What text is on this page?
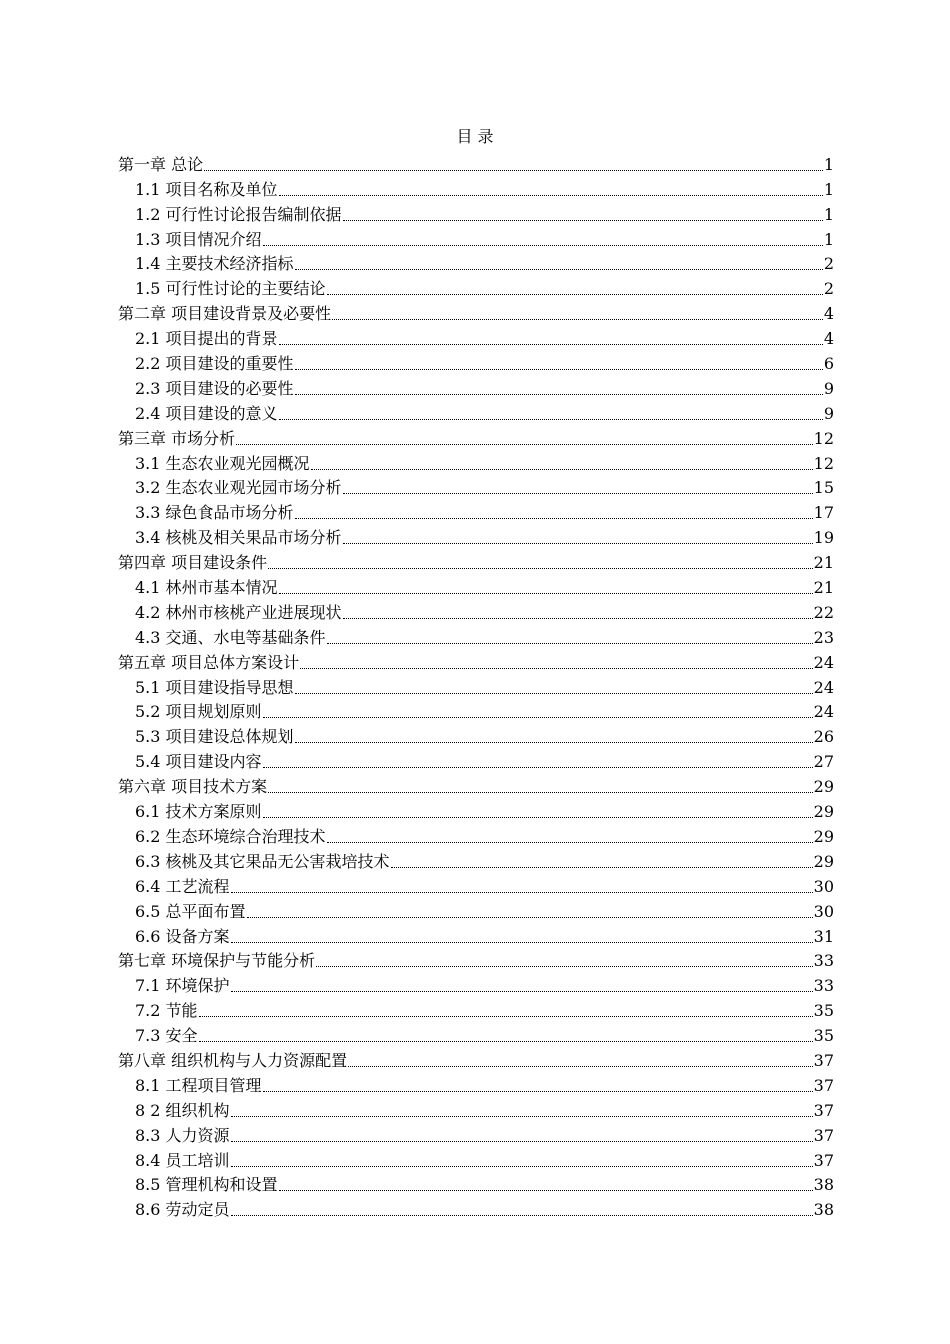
目 录
第一章 总论	1
1.1 项目名称及单位	1
1.2 可行性讨论报告编制依据	1
1.3 项目情况介绍	1
1.4 主要技术经济指标	2
1.5 可行性讨论的主要结论	2
第二章 项目建设背景及必要性	4
2.1 项目提出的背景	4
2.2 项目建设的重要性	6
2.3 项目建设的必要性	9
2.4 项目建设的意义	9
第三章 市场分析	12
3.1 生态农业观光园概况	12
3.2 生态农业观光园市场分析	15
3.3 绿色食品市场分析	17
3.4 核桃及相关果品市场分析	19
第四章 项目建设条件	21
4.1 林州市基本情况	21
4.2 林州市核桃产业进展现状	22
4.3 交通、水电等基础条件	23
第五章 项目总体方案设计	24
5.1 项目建设指导思想	24
5.2 项目规划原则	24
5.3 项目建设总体规划	26
5.4 项目建设内容	27
第六章 项目技术方案	29
6.1 技术方案原则	29
6.2 生态环境综合治理技术	29
6.3 核桃及其它果品无公害栽培技术	29
6.4 工艺流程	30
6.5 总平面布置	30
6.6 设备方案	31
第七章 环境保护与节能分析	33
7.1 环境保护	33
7.2 节能	35
7.3 安全	35
第八章 组织机构与人力资源配置	37
8.1 工程项目管理	37
8 2 组织机构	37
8.3 人力资源	37
8.4 员工培训	37
8.5 管理机构和设置	38
8.6 劳动定员	38
